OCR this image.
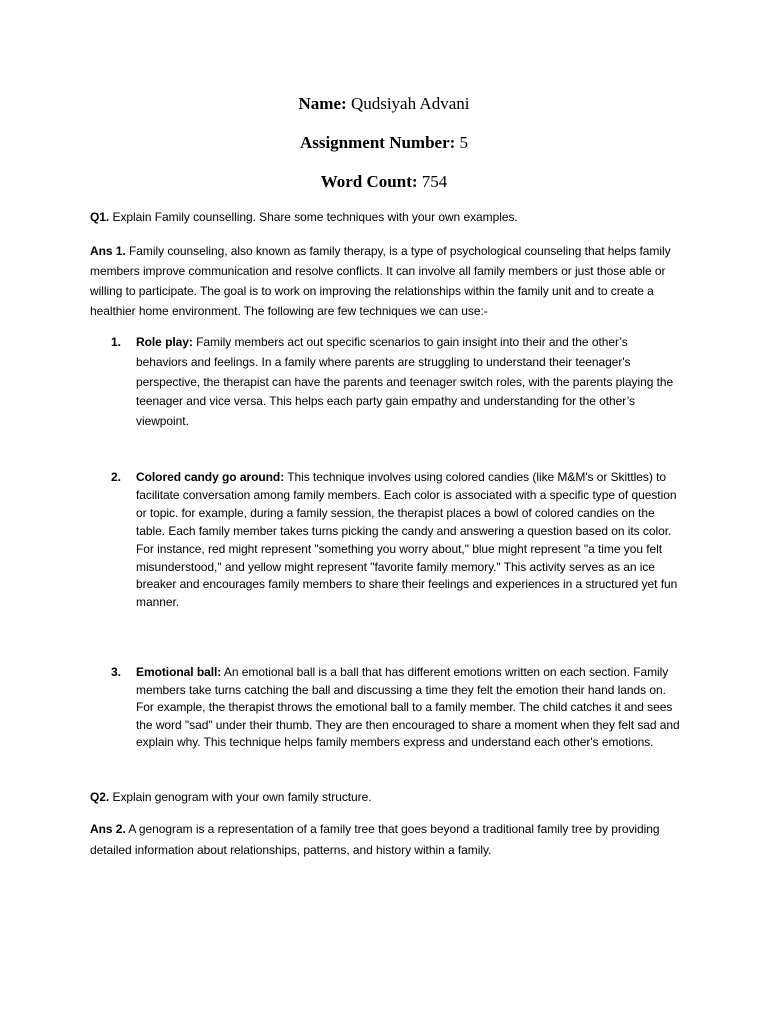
Name: Qudsiyah Advani
Assignment Number: 5
Word Count: 754
Q1. Explain Family counselling. Share some techniques with your own examples.
Ans 1. Family counseling, also known as family therapy, is a type of psychological counseling that helps family members improve communication and resolve conflicts. It can involve all family members or just those able or willing to participate. The goal is to work on improving the relationships within the family unit and to create a healthier home environment. The following are few techniques we can use:-
1. Role play: Family members act out specific scenarios to gain insight into their and the other’s behaviors and feelings. In a family where parents are struggling to understand their teenager's perspective, the therapist can have the parents and teenager switch roles, with the parents playing the teenager and vice versa. This helps each party gain empathy and understanding for the other’s viewpoint.
2. Colored candy go around: This technique involves using colored candies (like M&M's or Skittles) to facilitate conversation among family members. Each color is associated with a specific type of question or topic. for example, during a family session, the therapist places a bowl of colored candies on the table. Each family member takes turns picking the candy and answering a question based on its color. For instance, red might represent "something you worry about," blue might represent "a time you felt misunderstood," and yellow might represent "favorite family memory." This activity serves as an ice breaker and encourages family members to share their feelings and experiences in a structured yet fun manner.
3. Emotional ball: An emotional ball is a ball that has different emotions written on each section. Family members take turns catching the ball and discussing a time they felt the emotion their hand lands on. For example, the therapist throws the emotional ball to a family member. The child catches it and sees the word "sad" under their thumb. They are then encouraged to share a moment when they felt sad and explain why. This technique helps family members express and understand each other's emotions.
Q2. Explain genogram with your own family structure.
Ans 2. A genogram is a representation of a family tree that goes beyond a traditional family tree by providing detailed information about relationships, patterns, and history within a family.
